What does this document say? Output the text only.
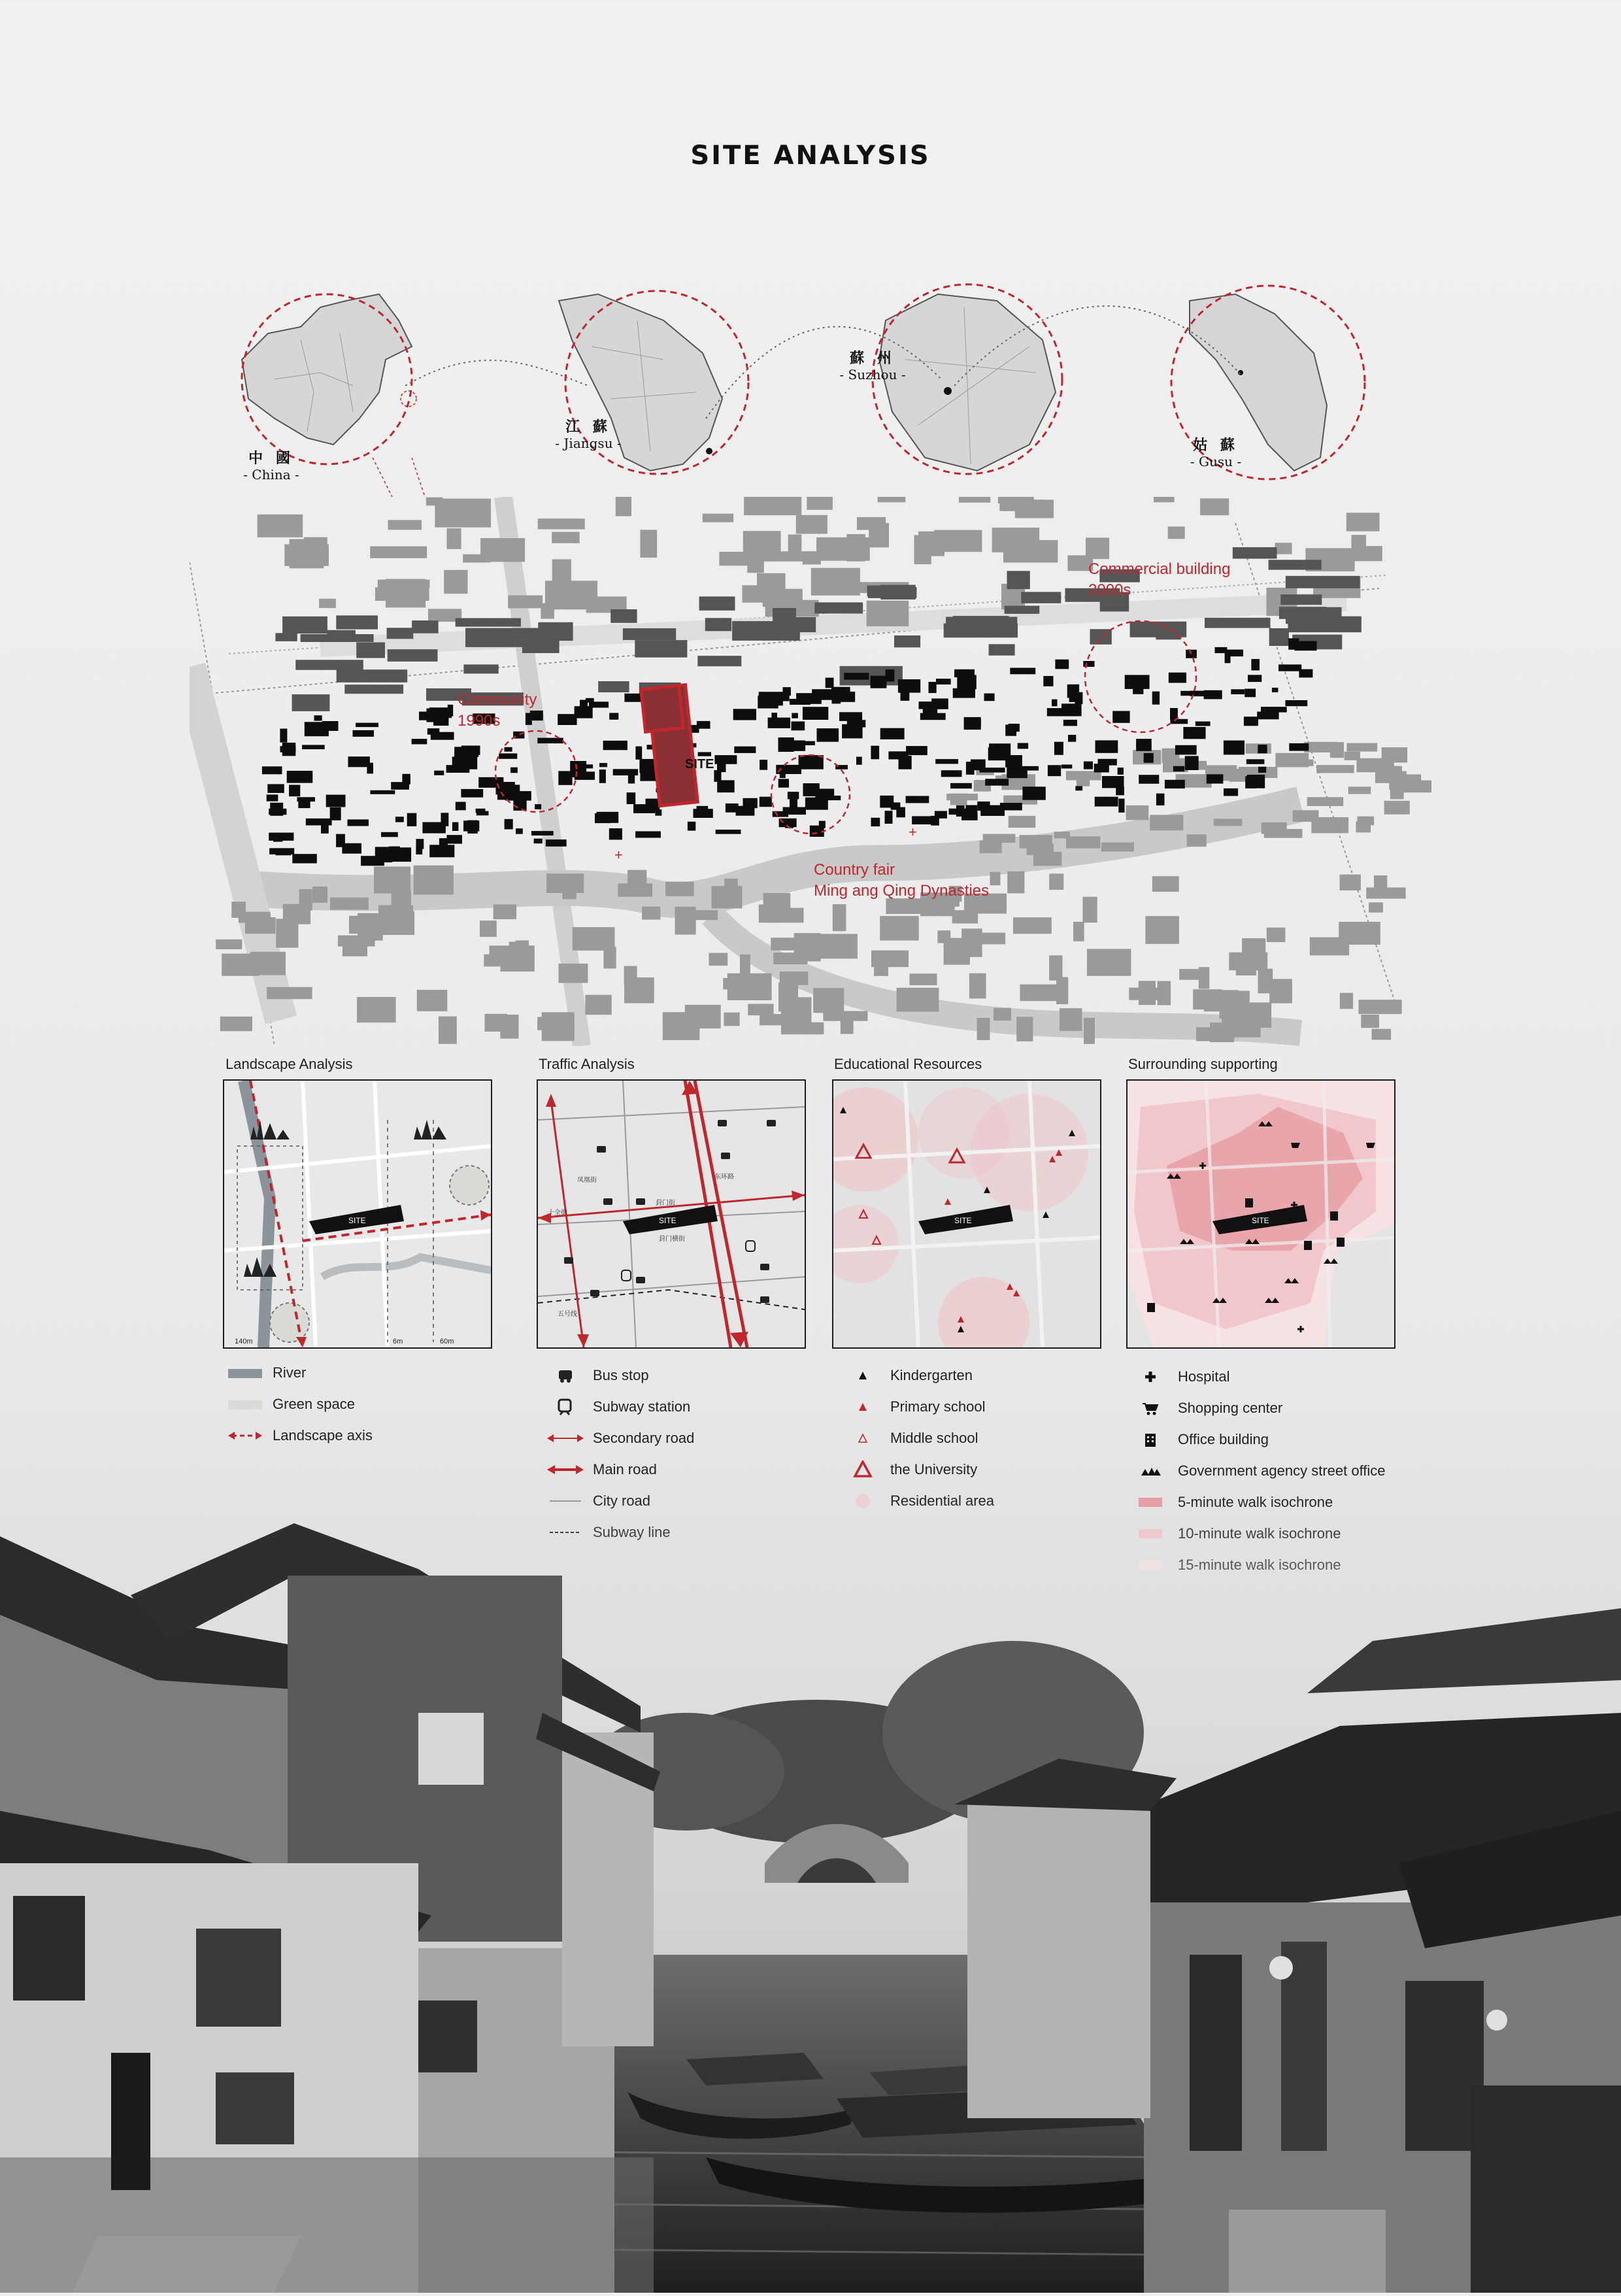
SITE ANALYSIS
中 國
- China -
江 蘇
- Jiangsu -
蘇 州
- Suzhou -
姑 蘇
- Gusu -
SITE
+
+
Commercial building
2000s
Community
1990s
Country fair
Ming ang Qing Dynasties
Landscape Analysis	Traffic Analysis	Educational Resources	Surrounding supporting
SITE
140m	6m	60m
SITE
东环路
葑门街
葑门横街
十全街
凤凰街
五号线
SITE	SITE
River
Green space
Landscape axis
Bus stop
Subway station
Secondary road
Main road
Kindergarten
Primary school
Middle school
the University
Hospital
Shopping center
Office building
Government agency street office
